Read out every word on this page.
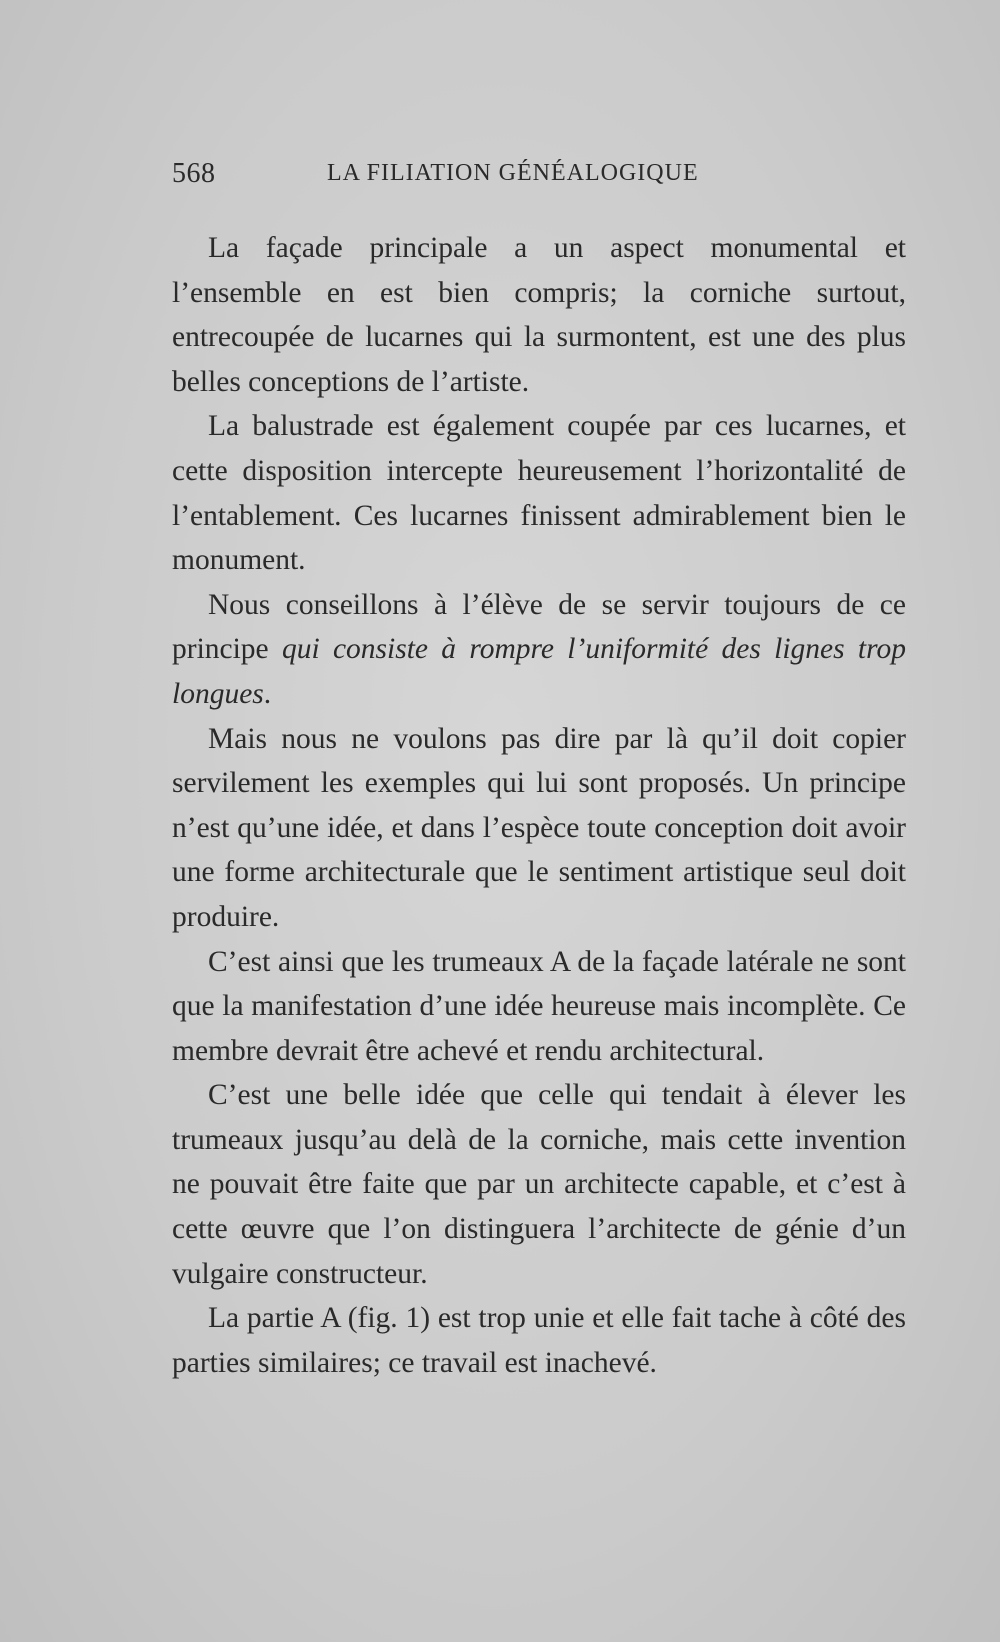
568	LA FILIATION GÉNÉALOGIQUE

La façade principale a un aspect monumental et l’ensemble en est bien compris; la corniche surtout, entrecoupée de lucarnes qui la surmontent, est une des plus belles conceptions de l’artiste.

La balustrade est également coupée par ces lucarnes, et cette disposition intercepte heureusement l’horizontalité de l’entablement. Ces lucarnes finissent admirablement bien le monument.

Nous conseillons à l’élève de se servir toujours de ce principe qui consiste à rompre l’uniformité des lignes trop longues.

Mais nous ne voulons pas dire par là qu’il doit copier servilement les exemples qui lui sont proposés. Un principe n’est qu’une idée, et dans l’espèce toute conception doit avoir une forme architecturale que le sentiment artistique seul doit produire.

C’est ainsi que les trumeaux A de la façade latérale ne sont que la manifestation d’une idée heureuse mais incomplète. Ce membre devrait être achevé et rendu architectural.

C’est une belle idée que celle qui tendait à élever les trumeaux jusqu’au delà de la corniche, mais cette invention ne pouvait être faite que par un architecte capable, et c’est à cette œuvre que l’on distinguera l’architecte de génie d’un vulgaire constructeur.

La partie A (fig. 1) est trop unie et elle fait tache à côté des parties similaires; ce travail est inachevé.
